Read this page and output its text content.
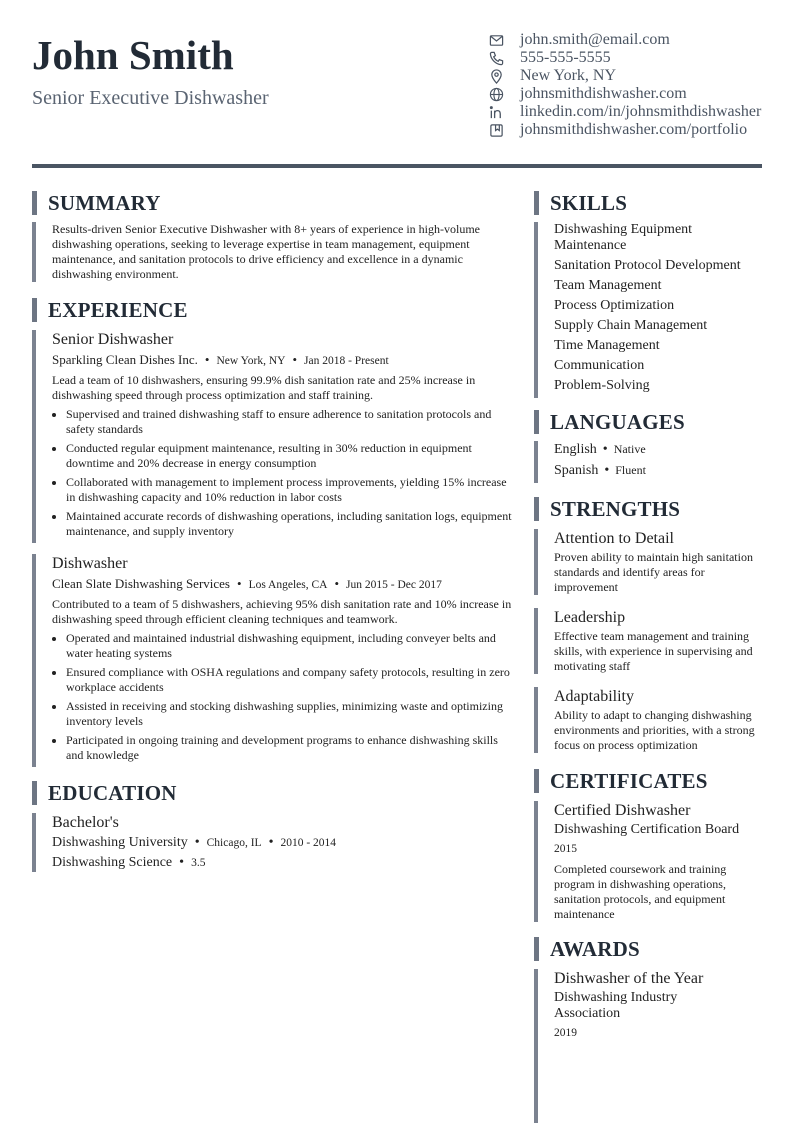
John Smith
Senior Executive Dishwasher
john.smith@email.com
555-555-5555
New York, NY
johnsmithdishwasher.com
linkedin.com/in/johnsmithdishwasher
johnsmithdishwasher.com/portfolio
SUMMARY
Results-driven Senior Executive Dishwasher with 8+ years of experience in high-volume dishwashing operations, seeking to leverage expertise in team management, equipment maintenance, and sanitation protocols to drive efficiency and excellence in a dynamic dishwashing environment.
EXPERIENCE
Senior Dishwasher
Sparkling Clean Dishes Inc. • New York, NY • Jan 2018 - Present
Lead a team of 10 dishwashers, ensuring 99.9% dish sanitation rate and 25% increase in dishwashing speed through process optimization and staff training.
• Supervised and trained dishwashing staff to ensure adherence to sanitation protocols and safety standards
• Conducted regular equipment maintenance, resulting in 30% reduction in equipment downtime and 20% decrease in energy consumption
• Collaborated with management to implement process improvements, yielding 15% increase in dishwashing capacity and 10% reduction in labor costs
• Maintained accurate records of dishwashing operations, including sanitation logs, equipment maintenance, and supply inventory
Dishwasher
Clean Slate Dishwashing Services • Los Angeles, CA • Jun 2015 - Dec 2017
Contributed to a team of 5 dishwashers, achieving 95% dish sanitation rate and 10% increase in dishwashing speed through efficient cleaning techniques and teamwork.
• Operated and maintained industrial dishwashing equipment, including conveyer belts and water heating systems
• Ensured compliance with OSHA regulations and company safety protocols, resulting in zero workplace accidents
• Assisted in receiving and stocking dishwashing supplies, minimizing waste and optimizing inventory levels
• Participated in ongoing training and development programs to enhance dishwashing skills and knowledge
EDUCATION
Bachelor's
Dishwashing University • Chicago, IL • 2010 - 2014
Dishwashing Science • 3.5
SKILLS
Dishwashing Equipment Maintenance
Sanitation Protocol Development
Team Management
Process Optimization
Supply Chain Management
Time Management
Communication
Problem-Solving
LANGUAGES
English • Native
Spanish • Fluent
STRENGTHS
Attention to Detail
Proven ability to maintain high sanitation standards and identify areas for improvement
Leadership
Effective team management and training skills, with experience in supervising and motivating staff
Adaptability
Ability to adapt to changing dishwashing environments and priorities, with a strong focus on process optimization
CERTIFICATES
Certified Dishwasher
Dishwashing Certification Board
2015
Completed coursework and training program in dishwashing operations, sanitation protocols, and equipment maintenance
AWARDS
Dishwasher of the Year
Dishwashing Industry Association
2019
